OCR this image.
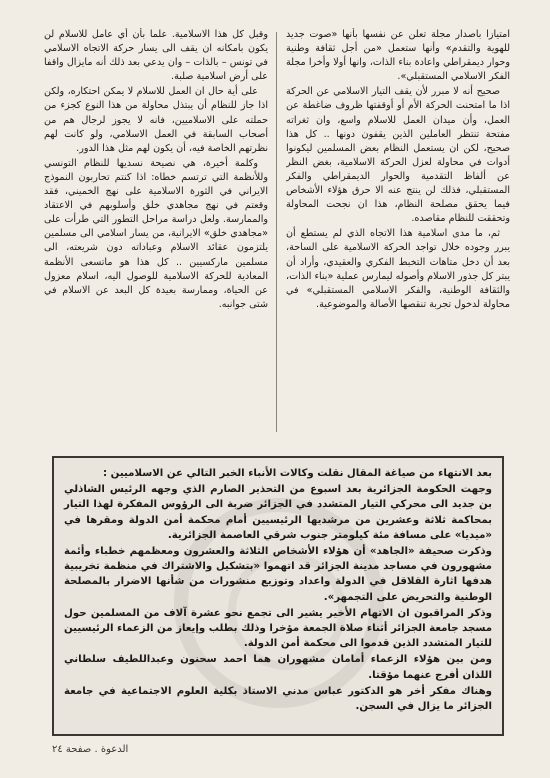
امتيازا باصدار مجلة تعلن عن نفسها بأنها «صوت جديد للهوية والتقدم» وأنها ستعمل «من أجل ثقافة وطنية وحوار ديمقراطي واعادة بناء الذات، وانها أولا وأخرا مجلة الفكر الاسلامي المستقبلي».

صحيح أنه لا مبرر لأن يقف التيار الاسلامي عن الحركة اذا ما امتحنت الحركة الأم أو أوقفتها ظروف ضاغطة عن العمل، وأن ميدان العمل للاسلام واسع، وان ثغراته مفتحة تنتظر العاملين الذين يقفون دونها .. كل هذا صحيح، لكن ان يستعمل النظام بعض المسلمين ليكونوا أدوات في محاولة لعزل الحركة الاسلامية، بغض النظر عن ألفاظ التقدمية والحوار الديمقراطي والفكر المستقبلي، فذلك لن ينتج عنه الا حرق هؤلاء الأشخاص فيما يحقق مصلحة النظام، هذا ان نجحت المحاولة وتحققت للنظام مقاصده.

ثم، ما مدى اسلامية هذا الاتجاه الذي لم يستطع أن يبرر وجوده خلال تواجد الحركة الاسلامية على الساحة، بعد أن دخل متاهات التخبط الفكري والعقيدي، وأراد أن يبتر كل جذور الاسلام وأصوله ليمارس عملية «بناء الذات، والثقافة الوطنية، والفكر الاسلامي المستقبلي» في محاولة لدخول تجربة تنقصها الأصالة والموضوعية.

وقبل كل هذا الاسلامية. علما بأن أي عامل للاسلام لن يكون بامكانه ان يقف الى يسار حركة الاتجاه الاسلامي في تونس – بالذات – وان يدعي بعد ذلك أنه مايزال واقفا على أرض اسلامية صلبة.

على أية حال ان العمل للاسلام لا يمكن احتكاره، ولكن اذا جاز للنظام أن يبتذل محاولة من هذا النوع كجزء من حملته على الاسلاميين، فانه لا يجوز لرجال هم من أصحاب السابقة في العمل الاسلامي، ولو كانت لهم نظرتهم الخاصة فيه، أن يكون لهم مثل هذا الدور.

وكلمة أخيرة، هي نصيحة نسديها للنظام التونسي وللأنظمة التي ترتسم خطاه: اذا كنتم تحاربون النموذج الايراني في الثورة الاسلامية على نهج الخميني، فقد وقعتم في نهج مجاهدي خلق وأسلوبهم في الاعتقاد والممارسة. ولعل دراسة مراحل التطور التي طرأت على «مجاهدي خلق» الايرانية، من يسار اسلامي الى مسلمين يلتزمون عقائد الاسلام وعباداته دون شريعته، الى مسلمين ماركسيين .. كل هذا هو ماتسعى الأنظمة المعادية للحركة الاسلامية للوصول اليه، اسلام معزول عن الحياة، وممارسة بعيدة كل البعد عن الاسلام في شتى جوانبه.

بعد الانتهاء من صياغة المقال نقلت وكالات الأنباء الخبر التالي عن الاسلاميين :

وجهت الحكومة الجزائرية بعد اسبوع من التحذير الصارم الذي وجهه الرئيس الشاذلي بن جديد الى محركي التيار المتشدد في الجزائر ضربة الى الرؤوس المفكرة لهذا التيار بمحاكمة ثلاثة وعشرين من مرشديها الرئيسيين أمام محكمة أمن الدولة ومقرها في «ميديا» على مسافة مئة كيلومتر جنوب شرقي العاصمة الجزائرية.

وذكرت صحيفة «الجاهد» أن هؤلاء الأشخاص الثلاثة والعشرون ومعظمهم خطباء وأئمة مشهورون في مساجد مدينة الجزائر قد اتهموا «بتشكيل والاشتراك في منظمة تخريبية هدفها اثارة القلاقل في الدولة واعداد وتوزيع منشورات من شأنها الاضرار بالمصلحة الوطنية والتحريض على التجمهر».

وذكر المراقبون ان الاتهام الأخير يشير الى تجمع نحو عشرة آلاف من المسلمين حول مسجد جامعة الجزائر أثناء صلاة الجمعة مؤخرا وذلك بطلب وإيعاز من الزعماء الرئيسيين للتيار المتشدد الذين قدموا الى محكمة أمن الدولة.

ومن بين هؤلاء الزعماء أمامان مشهوران هما احمد سحنون وعبداللطيف سلطاني اللذان أفرج عنهما مؤقتا.

وهناك مفكر أخر هو الدكتور عباس مدني الاستاذ بكلية العلوم الاجتماعية في جامعة الجزائر ما يزال في السجن.

الدعوة . صفحة ٢٤
